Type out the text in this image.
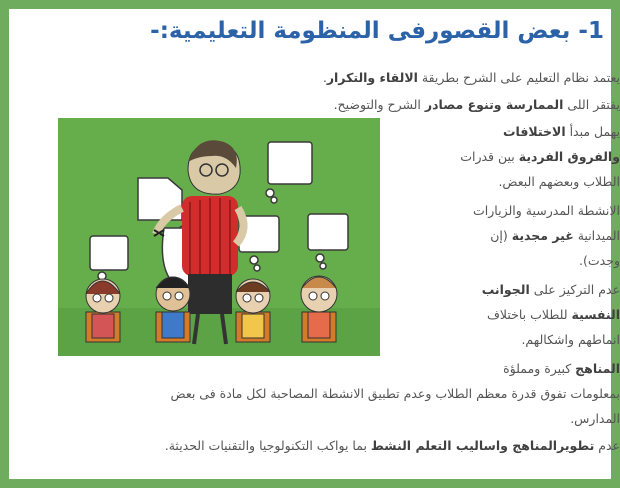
1- بعض القصورفى المنظومة التعليمية:-
يعتمد نظام التعليم على الشرح بطريقة الالقاء والتكرار. •
يفتقر اللى الممارسة وتنوع مصادر الشرح والتوضيح. •
يهمل مبدأ الاختلافات •
والفروق الفردية بين قدرات
الطلاب وبعضهم البعض.
الانشطة المدرسية والزيارات •
الميدانية غير مجدية (إن
وجدت).
عدم التركيز على الجوانب •
النفسية للطلاب باختلاف
انماطهم واشكالهم.
المناهج كبيرة ومملؤة •
بمعلومات تفوق قدرة معظم الطلاب وعدم تطبيق الانشطة المصاحبة لكل مادة فى بعض
المدارس.
عدم تطويرالمناهج واساليب التعلم النشط بما يواكب التكنولوجيا والتقنيات الحديثة. •
